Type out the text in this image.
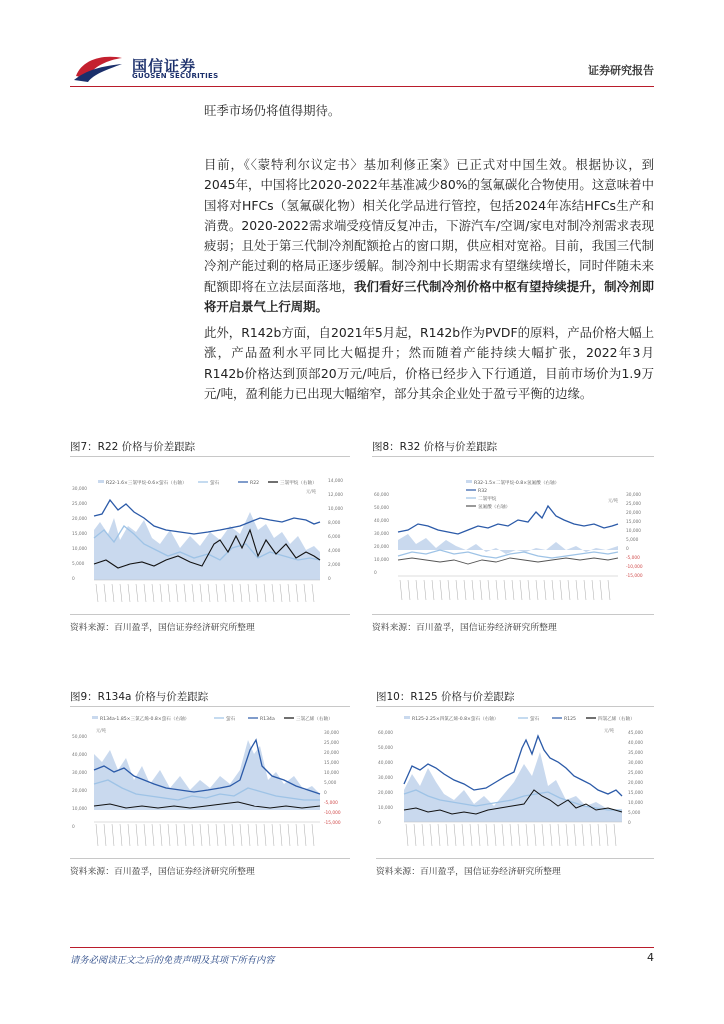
国信证券
GUOSEN SECURITIES	证券研究报告

旺季市场仍将值得期待。

目前，《〈蒙特利尔议定书〉基加利修正案》已正式对中国生效。根据协议，到2045年，中国将比2020-2022年基准减少80%的氢氟碳化合物使用。这意味着中国将对HFCs（氢氟碳化物）相关化学品进行管控，包括2024年冻结HFCs生产和消费。2020-2022需求端受疫情反复冲击，下游汽车/空调/家电对制冷剂需求表现疲弱；且处于第三代制冷剂配额抢占的窗口期，供应相对宽裕。目前，我国三代制冷剂产能过剩的格局正逐步缓解。制冷剂中长期需求有望继续增长，同时伴随未来配额即将在立法层面落地，我们看好三代制冷剂价格中枢有望持续提升，制冷剂即将开启景气上行周期。

此外，R142b方面，自2021年5月起，R142b作为PVDF的原料，产品价格大幅上涨，产品盈利水平同比大幅提升；然而随着产能持续大幅扩张，2022年3月R142b价格达到顶部20万元/吨后，价格已经步入下行通道，目前市场价为1.9万元/吨，盈利能力已出现大幅缩窄，部分其余企业处于盈亏平衡的边缘。

图7：R22 价格与价差跟踪
R22-1.6×三氯甲烷-0.6×萤石（右轴）	萤石	R22	三氯甲烷（右轴）
元/吨
30,000
25,000
20,000
15,000
10,000
5,000
0
14,000
12,000
10,000
8,000
6,000
4,000
2,000
0
资料来源：百川盈孚，国信证券经济研究所整理
图8：R32 价格与价差跟踪
R32-1.5×二氯甲烷-0.8×氢氟酸（右轴）
R32
二氯甲烷
氢氟酸（右轴）
元/吨
60,000
50,000
40,000
30,000
20,000
10,000
0
30,000
25,000
20,000
15,000
10,000
5,000
0
-5,000
-10,000
-15,000
资料来源：百川盈孚，国信证券经济研究所整理
图9：R134a 价格与价差跟踪
R134a-1.85×三氯乙烯-0.8×萤石（右轴）	萤石	R134a	三氯乙烯（右轴）
元/吨
50,000
40,000
30,000
20,000
10,000
0
30,000
25,000
20,000
15,000
10,000
5,000
0
-5,000
-10,000
-15,000
资料来源：百川盈孚，国信证券经济研究所整理
图10：R125 价格与价差跟踪
R125-2.25×四氯乙烯-0.8×萤石（右轴）	萤石	R125	四氯乙烯（右轴）
元/吨
60,000
50,000
40,000
30,000
20,000
10,000
0
45,000
40,000
35,000
30,000
25,000
20,000
15,000
10,000
5,000
0
资料来源：百川盈孚，国信证券经济研究所整理
请务必阅读正文之后的免责声明及其项下所有内容	4
